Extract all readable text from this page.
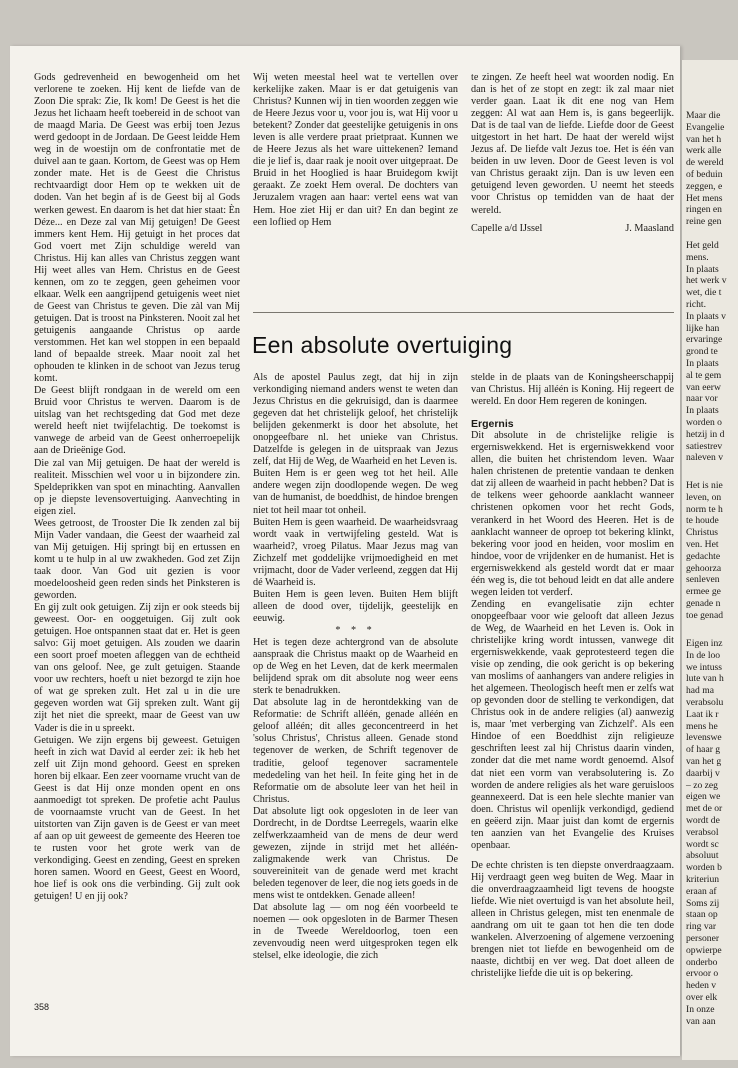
Gods gedrevenheid en bewogenheid om het verlorene te zoeken. Hij kent de liefde van de Zoon Die sprak: Zie, Ik kom! De Geest is het die Jezus het lichaam heeft toebereid in de schoot van de maagd Maria. De Geest was erbij toen Jezus werd gedoopt in de Jordaan. De Geest leidde Hem weg in de woestijn om de confrontatie met de duivel aan te gaan. Kortom, de Geest was op Hem zonder mate. Het is de Geest die Christus rechtvaardigt door Hem op te wekken uit de doden. Van het begin af is de Geest bij al Gods werken gewest. En daarom is het dat hier staat: Èn Déze... en Deze zal van Mij getuigen! De Geest immers kent Hem. Hij getuigt in het proces dat God voert met Zijn schuldige wereld van Christus. Hij kan alles van Christus zeggen want Hij weet alles van Hem. Christus en de Geest kennen, om zo te zeggen, geen geheimen voor elkaar. Welk een aangrijpend getuigenis weet niet de Geest van Christus te geven. Die zàl van Mij getuigen. Dat is troost na Pinksteren. Nooit zal het getuigenis aangaande Christus op aarde verstommen. Het kan wel stoppen in een bepaald land of bepaalde streek. Maar nooit zal het ophouden te klinken in de schoot van Jezus terug komt.

De Geest blijft rondgaan in de wereld om een Bruid voor Christus te werven. Daarom is de uitslag van het rechtsgeding dat God met deze wereld heeft niet twijfelachtig. De toekomst is vanwege de arbeid van de Geest onherroepelijk aan de Drieënige God.

Die zal van Mij getuigen. De haat der wereld is realiteit. Misschien wel voor u in bijzondere zin. Speldeprikken van spot en minachting. Aanvallen op je diepste levensovertuiging. Aanvechting in eigen ziel.

Wees getroost, de Trooster Die Ik zenden zal bij Mijn Vader vandaan, die Geest der waarheid zal van Mij getuigen. Hij springt bij en ertussen en komt u te hulp in al uw zwakheden. God zet Zijn taak door. Van God uit gezien is voor moedeloosheid geen reden sinds het Pinksteren is geworden.

En gij zult ook getuigen. Zij zijn er ook steeds bij geweest. Oor- en ooggetuigen. Gij zult ook getuigen. Hoe ontspannen staat dat er. Het is geen salvo: Gij moet getuigen. Als zouden we daarin een soort proef moeten afleggen van de echtheid van ons geloof. Nee, ge zult getuigen. Staande voor uw rechters, hoeft u niet bezorgd te zijn hoe of wat ge spreken zult. Het zal u in die ure gegeven worden wat Gij spreken zult. Want gij zijt het niet die spreekt, maar de Geest van uw Vader is die in u spreekt.

Getuigen. We zijn ergens bij geweest. Getuigen heeft in zich wat David al eerder zei: ik heb het zelf uit Zijn mond gehoord. Geest en spreken horen bij elkaar. Een zeer voorname vrucht van de Geest is dat Hij onze monden opent en ons aanmoedigt tot spreken. De profetie acht Paulus de voornaamste vrucht van de Geest. In het uitstorten van Zijn gaven is de Geest er van meet af aan op uit geweest de gemeente des Heeren toe te rusten voor het grote werk van de verkondiging. Geest en zending, Geest en spreken horen samen. Woord en Geest, Geest en Woord, hoe lief is ook ons die verbinding. Gij zult ook getuigen! U en jij ook?

Wij weten meestal heel wat te vertellen over kerkelijke zaken. Maar is er dat getuigenis van Christus? Kunnen wij in tien woorden zeggen wie de Heere Jezus voor u, voor jou is, wat Hij voor u betekent? Zonder dat geestelijke getuigenis in ons leven is alle verdere praat prietpraat. Kunnen we de Heere Jezus als het ware uittekenen? Iemand die je lief is, daar raak je nooit over uitgepraat. De Bruid in het Hooglied is haar Bruidegom kwijt geraakt. Ze zoekt Hem overal. De dochters van Jeruzalem vragen aan haar: vertel eens wat van Hem. Hoe ziet Hij er dan uit? En dan begint ze een loflied op Hem

te zingen. Ze heeft heel wat woorden nodig. En dan is het of ze stopt en zegt: ik zal maar niet verder gaan. Laat ik dit ene nog van Hem zeggen: Al wat aan Hem is, is gans begeerlijk. Dat is de taal van de liefde. Liefde door de Geest uitgestort in het hart. De haat der wereld wijst Jezus af. De liefde valt Jezus toe. Het is één van beiden in uw leven. Door de Geest leven is vol van Christus geraakt zijn. Dan is uw leven een getuigend leven geworden. U neemt het steeds voor Christus op temidden van de haat der wereld.

Capelle a/d IJssel	J. Maasland
Een absolute overtuiging

Als de apostel Paulus zegt, dat hij in zijn verkondiging niemand anders wenst te weten dan Jezus Christus en die gekruisigd, dan is daarmee gegeven dat het christelijk geloof, het christelijk belijden gekenmerkt is door het absolute, het onopgeefbare nl. het unieke van Christus. Datzelfde is gelegen in de uitspraak van Jezus zelf, dat Hij de Weg, de Waarheid en het Leven is.

Buiten Hem is er geen weg tot het heil. Alle andere wegen zijn doodlopende wegen. De weg van de humanist, de boeddhist, de hindoe brengen niet tot heil maar tot onheil.

Buiten Hem is geen waarheid. De waarheidsvraag wordt vaak in vertwijfeling gesteld. Wat is waarheid?, vroeg Pilatus. Maar Jezus mag van Zichzelf met goddelijke vrijmoedigheid en met vrijmacht, door de Vader verleend, zeggen dat Hij dé Waarheid is.

Buiten Hem is geen leven. Buiten Hem blijft alleen de dood over, tijdelijk, geestelijk en eeuwig.

* * *

Het is tegen deze achtergrond van de absolute aanspraak die Christus maakt op de Waarheid en op de Weg en het Leven, dat de kerk meermalen belijdend sprak om dit absolute nog weer eens sterk te benadrukken.

Dat absolute lag in de herontdekking van de Reformatie: de Schrift alléén, genade alléén en geloof alléén; dit alles geconcentreerd in het 'solus Christus', Christus alleen. Genade stond tegenover de werken, de Schrift tegenover de traditie, geloof tegenover sacramentele mededeling van het heil. In feite ging het in de Reformatie om de absolute leer van het heil in Christus.

Dat absolute ligt ook opgesloten in de leer van Dordrecht, in de Dordtse Leerregels, waarin elke zelfwerkzaamheid van de mens de deur werd gewezen, zijnde in strijd met het alléén-zaligmakende werk van Christus. De souvereiniteit van de genade werd met kracht beleden tegenover de leer, die nog iets goeds in de mens wist te ontdekken. Genade alleen!

Dat absolute lag — om nog één voorbeeld te noemen — ook opgesloten in de Barmer Thesen in de Tweede Wereldoorlog, toen een zevenvoudig neen werd uitgesproken tegen elk stelsel, elke ideologie, die zich

stelde in de plaats van de Koningsheerschappij van Christus. Hij alléén is Koning. Hij regeert de wereld. En door Hem regeren de koningen.

Ergernis

Dit absolute in de christelijke religie is ergerniswekkend. Het is ergerniswekkend voor allen, die buiten het christendom leven. Waar halen christenen de pretentie vandaan te denken dat zij alleen de waarheid in pacht hebben? Dat is de telkens weer gehoorde aanklacht wanneer christenen opkomen voor het recht Gods, verankerd in het Woord des Heeren. Het is de aanklacht wanneer de oproep tot bekering klinkt, bekering voor jood en heiden, voor moslim en hindoe, voor de vrijdenker en de humanist. Het is ergerniswekkend als gesteld wordt dat er maar één weg is, die tot behoud leidt en dat alle andere wegen leiden tot verderf.

Zending en evangelisatie zijn echter onopgeefbaar voor wie gelooft dat alleen Jezus de Weg, de Waarheid en het Leven is. Ook in christelijke kring wordt intussen, vanwege dit ergerniswekkende, vaak geprotesteerd tegen die visie op zending, die ook gericht is op bekering van moslims of aanhangers van andere religies in het algemeen. Theologisch heeft men er zelfs wat op gevonden door de stelling te verkondigen, dat Christus ook in de andere religies (al) aanwezig is, maar 'met verberging van Zichzelf'. Als een Hindoe of een Boeddhist zijn religieuze geschriften leest zal hij Christus daarin vinden, zonder dat die met name wordt genoemd. Alsof dat niet een vorm van verabsolutering is. Zo worden de andere religies als het ware geruisloos geannexeerd. Dat is een hele slechte manier van doen. Christus wil openlijk verkondigd, gediend en geëerd zijn. Maar juist dan komt de ergernis ten aanzien van het Evangelie des Kruises openbaar.

De echte christen is ten diepste onverdraagzaam. Hij verdraagt geen weg buiten de Weg. Maar in die onverdraagzaamheid ligt tevens de hoogste liefde. Wie niet overtuigd is van het absolute heil, alleen in Christus gelegen, mist ten enenmale de aandrang om uit te gaan tot hen die ten dode wankelen. Alverzoening of algemene verzoening brengen niet tot liefde en bewogenheid om de naaste, dichtbij en ver weg. Dat doet alleen de christelijke liefde die uit is op bekering.

358

Maar die
Evangelie
van het h
werk alle
de wereld
of beduin
zeggen, e
Het mens
ringen en
reine gen

Het geld
mens.
In plaats
het werk v
wet, die t
richt.
In plaats v
lijke han
ervaringe
grond te
In plaats
al te gem
van eerw
naar vor
In plaats
worden o
hetzij in d
satiestrev
naleven v

Het is nie
leven, on
norm te h
te houde
Christus
ven. Het
gedachte
gehoorza
senleven
ermee ge
genade n
toe genad

Eigen inz
In de loo
we intuss
lute van h
had ma
verabsolu
Laat ik r
mens he
levenswe
of haar g
van het g
daarbij v
– zo zeg
eigen we
met de or
wordt de
verabsol
wordt sc
absoluut
worden b
kriteriun
eraan af
Soms zij
staan op
ring var
personer
opwierpe
onderbo
ervoor o
heden v
over elk
In onze
van aan
